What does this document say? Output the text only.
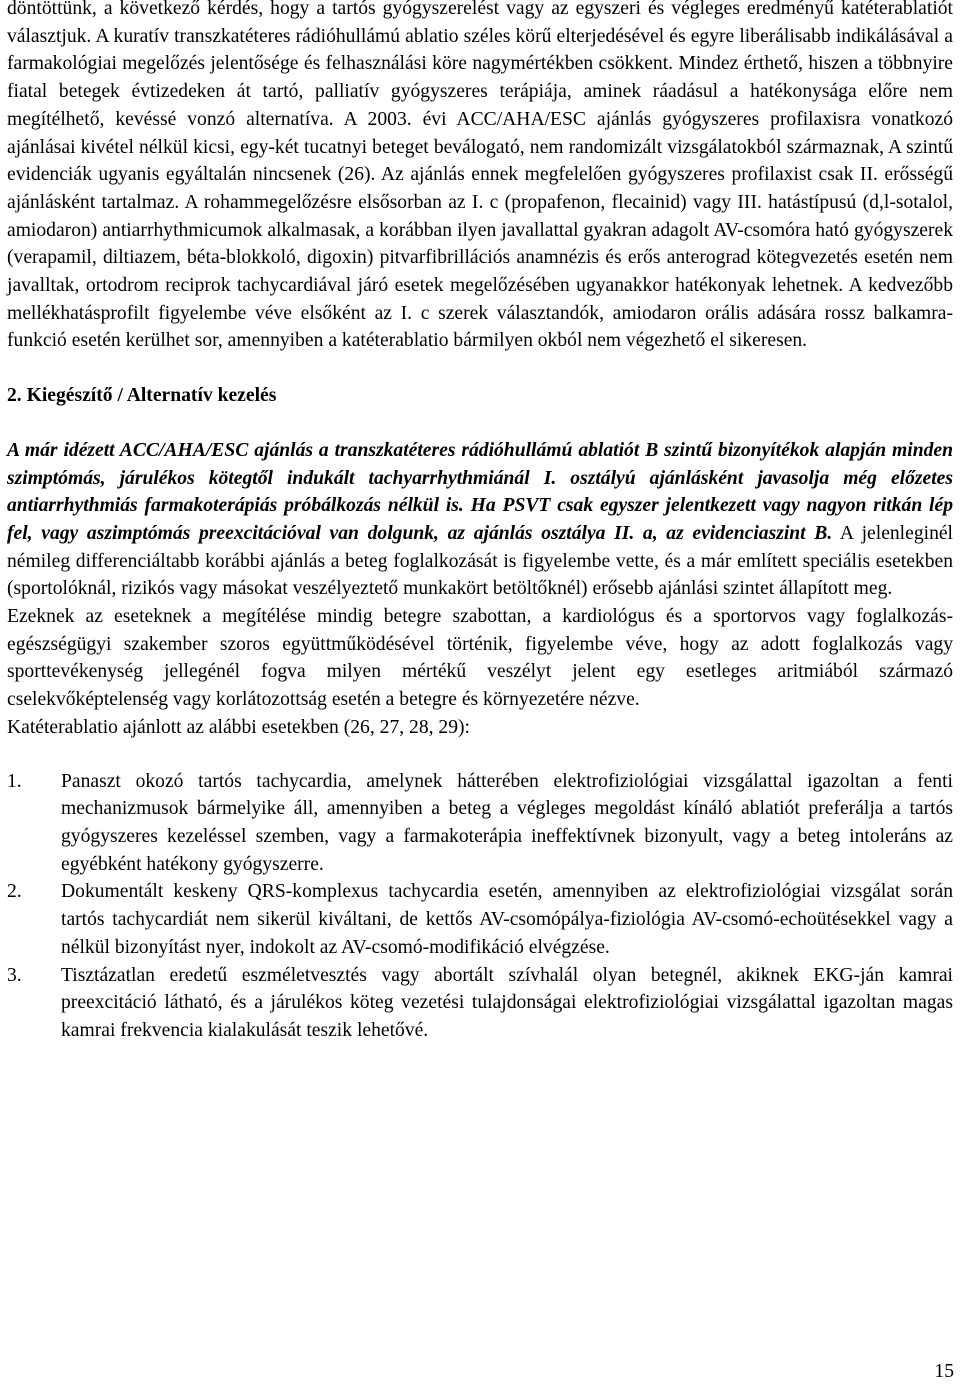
döntöttünk, a következő kérdés, hogy a tartós gyógyszerelést vagy az egyszeri és végleges eredményű katéterablatiót választjuk. A kuratív transzkatéteres rádióhullámú ablatio széles körű elterjedésével és egyre liberálisabb indikálásával a farmakológiai megelőzés jelentősége és felhasználási köre nagymértékben csökkent. Mindez érthető, hiszen a többnyire fiatal betegek évtizedeken át tartó, palliatív gyógyszeres terápiája, aminek ráadásul a hatékonysága előre nem megítélhető, kevéssé vonzó alternatíva. A 2003. évi ACC/AHA/ESC ajánlás gyógyszeres profilaxisra vonatkozó ajánlásai kivétel nélkül kicsi, egy-két tucatnyi beteget beválogató, nem randomizált vizsgálatokból származnak, A szintű evidenciák ugyanis egyáltalán nincsenek (26). Az ajánlás ennek megfelelően gyógyszeres profilaxist csak II. erősségű ajánlásként tartalmaz. A rohammegelőzésre elsősorban az I. c (propafenon, flecainid) vagy III. hatástípusú (d,l-sotalol, amiodaron) antiarrhythmicumok alkalmasak, a korábban ilyen javallattal gyakran adagolt AV-csomóra ható gyógyszerek (verapamil, diltiazem, béta-blokkoló, digoxin) pitvarfibrillációs anamnézis és erős anterograd kötegvezetés esetén nem javalltak, ortodrom reciprok tachycardiával járó esetek megelőzésében ugyanakkor hatékonyak lehetnek. A kedvezőbb mellékhatásprofilt figyelembe véve elsőként az I. c szerek választandók, amiodaron orális adására rossz balkamra-funkció esetén kerülhet sor, amennyiben a katéterablatio bármilyen okból nem végezhető el sikeresen.

2. Kiegészítő / Alternatív kezelés

A már idézett ACC/AHA/ESC ajánlás a transzkatéteres rádióhullámú ablatiót B szintű bizonyítékok alapján minden szimptómás, járulékos kötegtől indukált tachyarrhythmiánál I. osztályú ajánlásként javasolja még előzetes antiarrhythmiás farmakoterápiás próbálkozás nélkül is. Ha PSVT csak egyszer jelentkezett vagy nagyon ritkán lép fel, vagy aszimptómás preexcitációval van dolgunk, az ajánlás osztálya II. a, az evidenciaszint B. A jelenleginél némileg differenciáltabb korábbi ajánlás a beteg foglalkozását is figyelembe vette, és a már említett speciális esetekben (sportolóknál, rizikós vagy másokat veszélyeztető munkakört betöltőknél) erősebb ajánlási szintet állapított meg.

Ezeknek az eseteknek a megítélése mindig betegre szabottan, a kardiológus és a sportorvos vagy foglalkozás-egészségügyi szakember szoros együttműködésével történik, figyelembe véve, hogy az adott foglalkozás vagy sporttevékenység jellegénél fogva milyen mértékű veszélyt jelent egy esetleges aritmiából származó cselekvőképtelenség vagy korlátozottság esetén a betegre és környezetére nézve.

Katéterablatio ajánlott az alábbi esetekben (26, 27, 28, 29):

1.	Panaszt okozó tartós tachycardia, amelynek hátterében elektrofiziológiai vizsgálattal igazoltan a fenti mechanizmusok bármelyike áll, amennyiben a beteg a végleges megoldást kínáló ablatiót preferálja a tartós gyógyszeres kezeléssel szemben, vagy a farmakoterápia ineffektívnek bizonyult, vagy a beteg intoleráns az egyébként hatékony gyógyszerre.
2.	Dokumentált keskeny QRS-komplexus tachycardia esetén, amennyiben az elektrofiziológiai vizsgálat során tartós tachycardiát nem sikerül kiváltani, de kettős AV-csomópálya-fiziológia AV-csomó-echoütésekkel vagy a nélkül bizonyítást nyer, indokolt az AV-csomó-modifikáció elvégzése.
3.	Tisztázatlan eredetű eszméletvesztés vagy abortált szívhalál olyan betegnél, akiknek EKG-ján kamrai preexcitáció látható, és a járulékos köteg vezetési tulajdonságai elektrofiziológiai vizsgálattal igazoltan magas kamrai frekvencia kialakulását teszik lehetővé.
15
